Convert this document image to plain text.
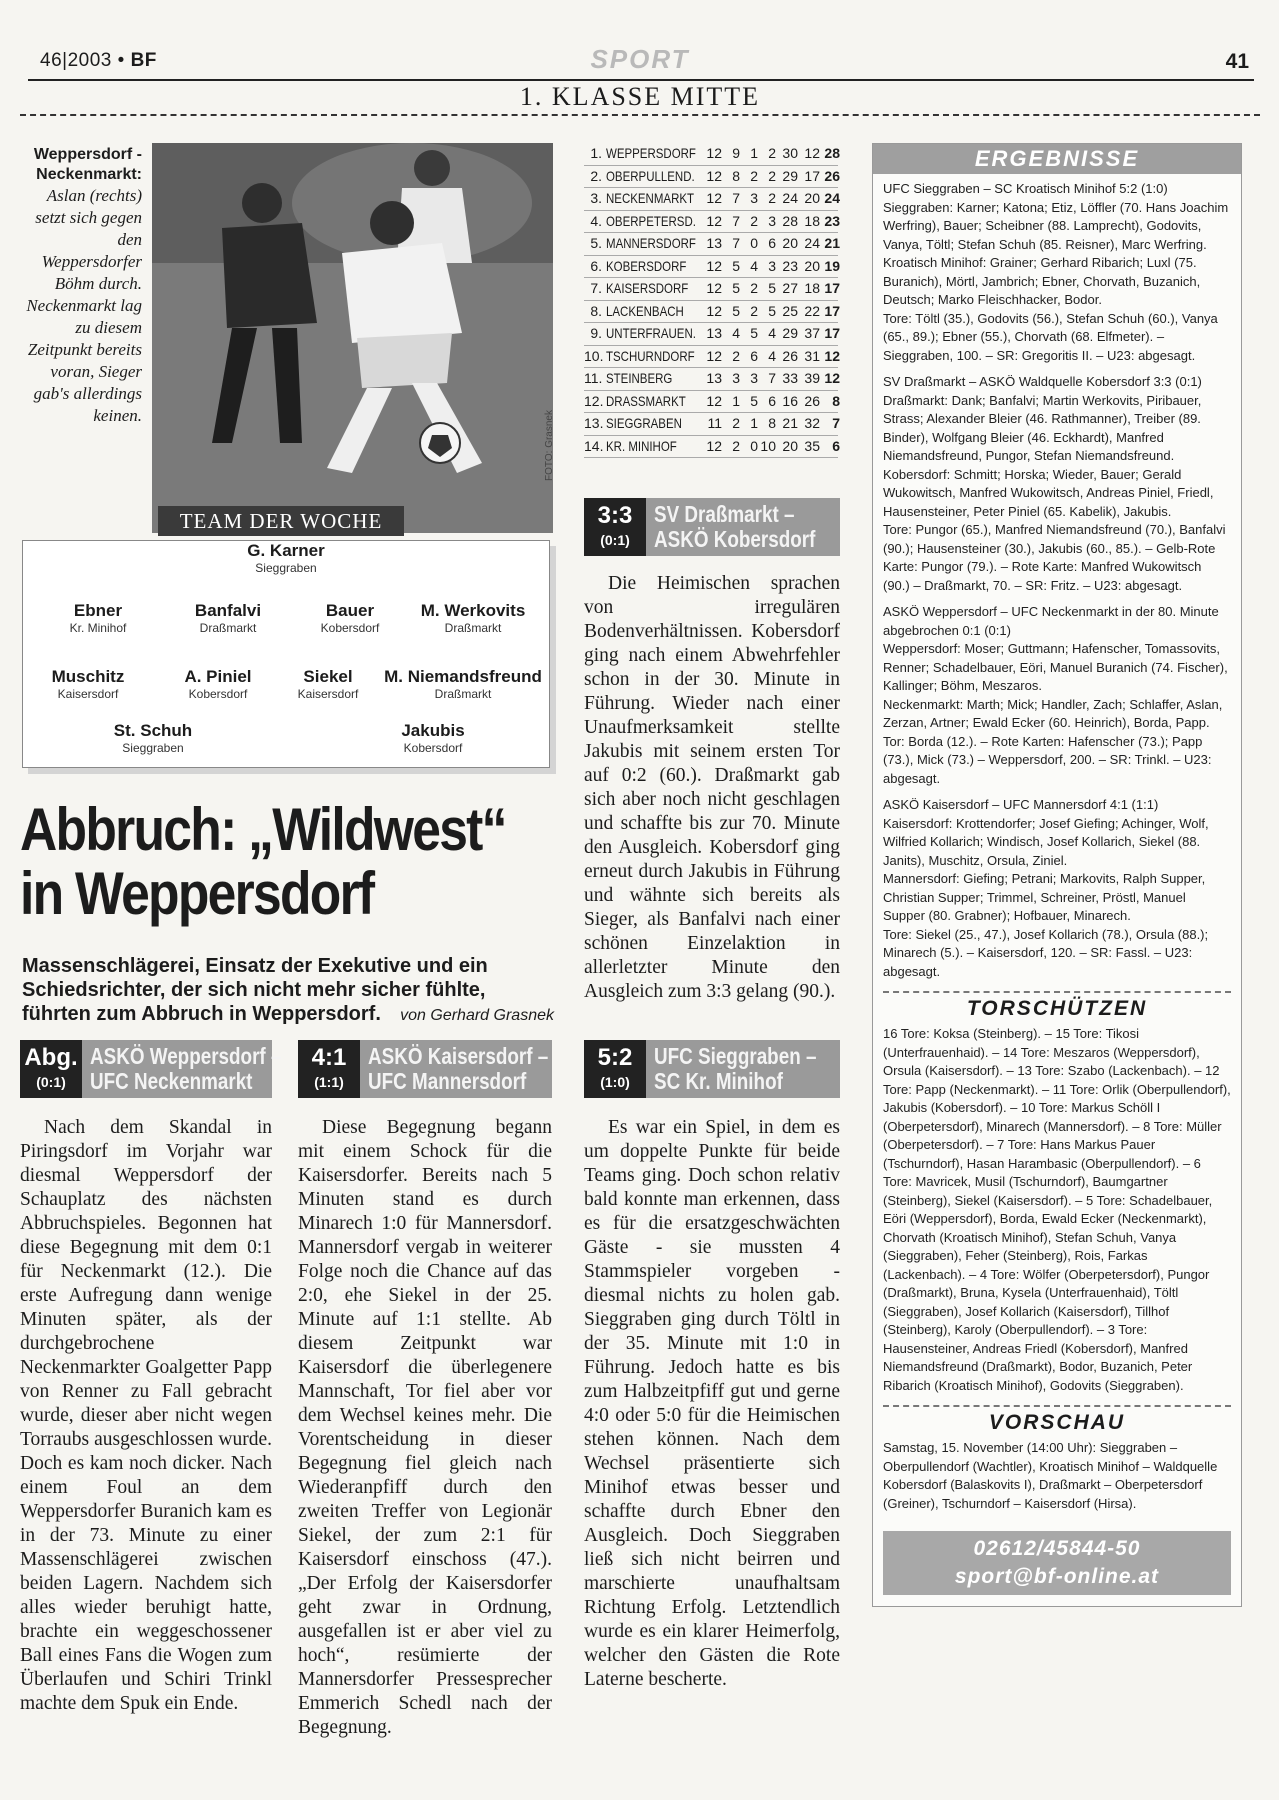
46|2003 • BF	SPORT	41
1. KLASSE MITTE
Weppersdorf - Neckenmarkt:
Aslan (rechts) setzt sich gegen den Weppersdorfer Böhm durch. Neckenmarkt lag zu diesem Zeitpunkt bereits voran, Sieger gab's allerdings keinen.	FOTO: Grasnek
TEAM DER WOCHE
G. Karner
Sieggraben
Ebner
Kr. Minihof
Banfalvi
Draßmarkt
Bauer
Kobersdorf
M. Werkovits
Draßmarkt
Muschitz
Kaisersdorf
A. Piniel
Kobersdorf
Siekel
Kaisersdorf
M. Niemandsfreund
Draßmarkt
St. Schuh
Sieggraben
Jakubis
Kobersdorf
Abbruch: „Wildwest“
in Weppersdorf
Massenschlägerei, Einsatz der Exekutive und ein Schiedsrichter, der sich nicht mehr sicher fühlte, führten zum Abbruch in Weppersdorf. von Gerhard Grasnek
Abg.
(0:1)
ASKÖ Weppersdorf –
UFC Neckenmarkt

Nach dem Skandal in Piringsdorf im Vorjahr war diesmal Weppersdorf der Schauplatz des nächsten Abbruchspieles. Begonnen hat diese Begegnung mit dem 0:1 für Neckenmarkt (12.). Die erste Aufregung dann wenige Minuten später, als der durchgebrochene Neckenmarkter Goalgetter Papp von Renner zu Fall gebracht wurde, dieser aber nicht wegen Torraubs ausgeschlossen wurde. Doch es kam noch dicker. Nach einem Foul an dem Weppersdorfer Buranich kam es in der 73. Minute zu einer Massenschlägerei zwischen beiden Lagern. Nachdem sich alles wieder beruhigt hatte, brachte ein weggeschossener Ball eines Fans die Wogen zum Überlaufen und Schiri Trinkl machte dem Spuk ein Ende.

4:1
(1:1)
ASKÖ Kaisersdorf –
UFC Mannersdorf

Diese Begegnung begann mit einem Schock für die Kaisersdorfer. Bereits nach 5 Minuten stand es durch Minarech 1:0 für Mannersdorf. Mannersdorf vergab in weiterer Folge noch die Chance auf das 2:0, ehe Siekel in der 25. Minute auf 1:1 stellte. Ab diesem Zeitpunkt war Kaisersdorf die überlegenere Mannschaft, Tor fiel aber vor dem Wechsel keines mehr. Die Vorentscheidung in dieser Begegnung fiel gleich nach Wiederanpfiff durch den zweiten Treffer von Legionär Siekel, der zum 2:1 für Kaisersdorf einschoss (47.). „Der Erfolg der Kaisersdorfer geht zwar in Ordnung, ausgefallen ist er aber viel zu hoch“, resümierte der Mannersdorfer Pressesprecher Emmerich Schedl nach der Begegnung.

1. WEPPERSDORF 12 9 1 2 30 12 28
2. OBERPULLEND. 12 8 2 2 29 17 26
3. NECKENMARKT 12 7 3 2 24 20 24
4. OBERPETERSD. 12 7 2 3 28 18 23
5. MANNERSDORF 13 7 0 6 20 24 21
6. KOBERSDORF	12 5 4 3 23 20 19
7. KAISERSDORF	12 5 2 5 27 18 17
8. LACKENBACH	12 5 2 5 25 22 17
9. UNTERFRAUEN. 13 4 5 4 29 37 17
10. TSCHURNDORF 12 2 6 4 26 31 12
11. STEINBERG	13 3 3 7 33 39 12
12. DRASSMARKT	12 1 5 6 16 26 8
13. SIEGGRABEN	11 2 1 8 21 32 7
14. KR. MINIHOF	12 2 0 10 20 35 6
3:3
(0:1)
SV Draßmarkt –
ASKÖ Kobersdorf

Die Heimischen sprachen von irregulären Bodenverhältnissen. Kobersdorf ging nach einem Abwehrfehler schon in der 30. Minute in Führung. Wieder nach einer Unaufmerksamkeit stellte Jakubis mit seinem ersten Tor auf 0:2 (60.). Draßmarkt gab sich aber noch nicht geschlagen und schaffte bis zur 70. Minute den Ausgleich. Kobersdorf ging erneut durch Jakubis in Führung und wähnte sich bereits als Sieger, als Banfalvi nach einer schönen Einzelaktion in allerletzter Minute den Ausgleich zum 3:3 gelang (90.).

5:2
(1:0)
UFC Sieggraben –
SC Kr. Minihof

Es war ein Spiel, in dem es um doppelte Punkte für beide Teams ging. Doch schon relativ bald konnte man erkennen, dass es für die ersatzgeschwächten Gäste - sie mussten 4 Stammspieler vorgeben - diesmal nichts zu holen gab. Sieggraben ging durch Töltl in der 35. Minute mit 1:0 in Führung. Jedoch hatte es bis zum Halbzeitpfiff gut und gerne 4:0 oder 5:0 für die Heimischen stehen können. Nach dem Wechsel präsentierte sich Minihof etwas besser und schaffte durch Ebner den Ausgleich. Doch Sieggraben ließ sich nicht beirren und marschierte unaufhaltsam Richtung Erfolg. Letztendlich wurde es ein klarer Heimerfolg, welcher den Gästen die Rote Laterne bescherte.

ERGEBNISSE
UFC Sieggraben – SC Kroatisch Minihof 5:2 (1:0)
Sieggraben: Karner; Katona; Etiz, Löffler (70. Hans Joachim Werfring), Bauer; Scheibner (88. Lamprecht), Godovits, Vanya, Töltl; Stefan Schuh (85. Reisner), Marc Werfring.
Kroatisch Minihof: Grainer; Gerhard Ribarich; Luxl (75. Buranich), Mörtl, Jambrich; Ebner, Chorvath, Buzanich, Deutsch; Marko Fleischhacker, Bodor.
Tore: Töltl (35.), Godovits (56.), Stefan Schuh (60.), Vanya (65., 89.); Ebner (55.), Chorvath (68. Elfmeter). – Sieggraben, 100. – SR: Gregoritis II. – U23: abgesagt.
SV Draßmarkt – ASKÖ Waldquelle Kobersdorf 3:3 (0:1)
Draßmarkt: Dank; Banfalvi; Martin Werkovits, Piribauer, Strass; Alexander Bleier (46. Rathmanner), Treiber (89. Binder), Wolfgang Bleier (46. Eckhardt), Manfred Niemandsfreund, Pungor, Stefan Niemandsfreund.
Kobersdorf: Schmitt; Horska; Wieder, Bauer; Gerald Wukowitsch, Manfred Wukowitsch, Andreas Piniel, Friedl, Hausensteiner, Peter Piniel (65. Kabelik), Jakubis.
Tore: Pungor (65.), Manfred Niemandsfreund (70.), Banfalvi (90.); Hausensteiner (30.), Jakubis (60., 85.). – Gelb-Rote Karte: Pungor (79.). – Rote Karte: Manfred Wukowitsch (90.) – Draßmarkt, 70. – SR: Fritz. – U23: abgesagt.
ASKÖ Weppersdorf – UFC Neckenmarkt in der 80. Minute abgebrochen 0:1 (0:1)
Weppersdorf: Moser; Guttmann; Hafenscher, Tomassovits, Renner; Schadelbauer, Eöri, Manuel Buranich (74. Fischer), Kallinger; Böhm, Meszaros.
Neckenmarkt: Marth; Mick; Handler, Zach; Schlaffer, Aslan, Zerzan, Artner; Ewald Ecker (60. Heinrich), Borda, Papp.
Tor: Borda (12.). – Rote Karten: Hafenscher (73.); Papp (73.), Mick (73.) – Weppersdorf, 200. – SR: Trinkl. – U23: abgesagt.
ASKÖ Kaisersdorf – UFC Mannersdorf 4:1 (1:1)
Kaisersdorf: Krottendorfer; Josef Giefing; Achinger, Wolf, Wilfried Kollarich; Windisch, Josef Kollarich, Siekel (88. Janits), Muschitz, Orsula, Ziniel.
Mannersdorf: Giefing; Petrani; Markovits, Ralph Supper, Christian Supper; Trimmel, Schreiner, Pröstl, Manuel Supper (80. Grabner); Hofbauer, Minarech.
Tore: Siekel (25., 47.), Josef Kollarich (78.), Orsula (88.); Minarech (5.). – Kaisersdorf, 120. – SR: Fassl. – U23: abgesagt.
TORSCHÜTZEN
16 Tore: Koksa (Steinberg). – 15 Tore: Tikosi (Unterfrauenhaid). – 14 Tore: Meszaros (Weppersdorf), Orsula (Kaisersdorf). – 13 Tore: Szabo (Lackenbach). – 12 Tore: Papp (Neckenmarkt). – 11 Tore: Orlik (Oberpullendorf), Jakubis (Kobersdorf). – 10 Tore: Markus Schöll I (Oberpetersdorf), Minarech (Mannersdorf). – 8 Tore: Müller (Oberpetersdorf). – 7 Tore: Hans Markus Pauer (Tschurndorf), Hasan Harambasic (Oberpullendorf). – 6 Tore: Mavricek, Musil (Tschurndorf), Baumgartner (Steinberg), Siekel (Kaisersdorf). – 5 Tore: Schadelbauer, Eöri (Weppersdorf), Borda, Ewald Ecker (Neckenmarkt), Chorvath (Kroatisch Minihof), Stefan Schuh, Vanya (Sieggraben), Feher (Steinberg), Rois, Farkas (Lackenbach). – 4 Tore: Wölfer (Oberpetersdorf), Pungor (Draßmarkt), Bruna, Kysela (Unterfrauenhaid), Töltl (Sieggraben), Josef Kollarich (Kaisersdorf), Tillhof (Steinberg), Karoly (Oberpullendorf). – 3 Tore: Hausensteiner, Andreas Friedl (Kobersdorf), Manfred Niemandsfreund (Draßmarkt), Bodor, Buzanich, Peter Ribarich (Kroatisch Minihof), Godovits (Sieggraben).
VORSCHAU
Samstag, 15. November (14:00 Uhr): Sieggraben – Oberpullendorf (Wachtler), Kroatisch Minihof – Waldquelle Kobersdorf (Balaskovits I), Draßmarkt – Oberpetersdorf (Greiner), Tschurndorf – Kaisersdorf (Hirsa).
02612/45844-50
sport@bf-online.at
